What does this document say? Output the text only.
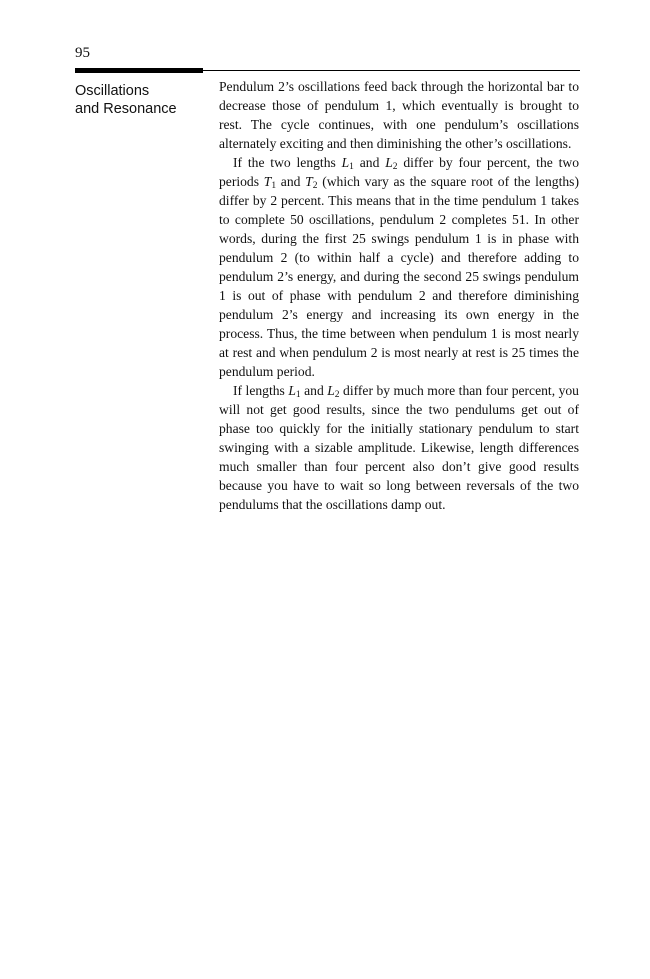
95
Oscillations
and Resonance

Pendulum 2’s oscillations feed back through the horizontal bar to decrease those of pendulum 1, which eventually is brought to rest. The cycle continues, with one pendulum’s oscillations alternately exciting and then diminishing the other’s oscillations.

If the two lengths $L_1$ and $L_2$ differ by four percent, the two periods $T_1$ and $T_2$ (which vary as the square root of the lengths) differ by 2 percent. This means that in the time pendulum 1 takes to complete 50 oscillations, pendulum 2 completes 51. In other words, during the first 25 swings pendulum 1 is in phase with pendulum 2 (to within half a cycle) and therefore adding to pendulum 2’s energy, and during the second 25 swings pendulum 1 is out of phase with pendulum 2 and therefore diminishing pendulum 2’s energy and increasing its own energy in the process. Thus, the time between when pendulum 1 is most nearly at rest and when pendulum 2 is most nearly at rest is 25 times the pendulum period.

If lengths $L_1$ and $L_2$ differ by much more than four percent, you will not get good results, since the two pendulums get out of phase too quickly for the initially stationary pendulum to start swinging with a sizable amplitude. Likewise, length differences much smaller than four percent also don’t give good results because you have to wait so long between reversals of the two pendulums that the oscillations damp out.
